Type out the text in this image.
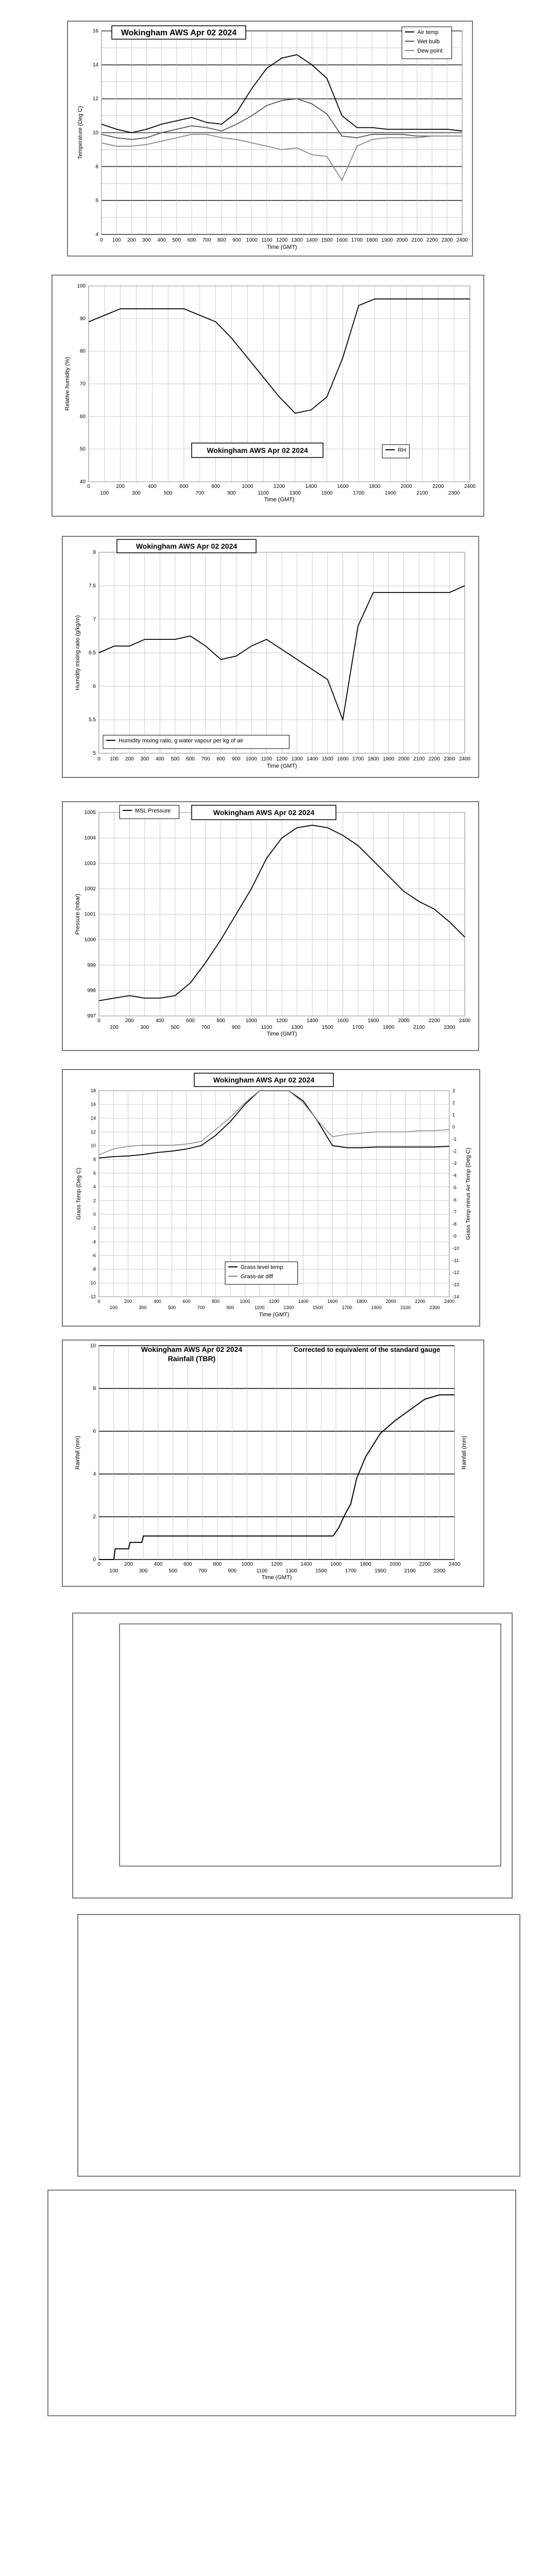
4
6
8
10
12
14
16
0 100 200 300 400 500 600 700 800 900 1000 1100 1200 1300 1400 1500 1600 1700 1800 1900 2000 2100 2200 2300 2400
Time (GMT)
Temperature (Deg C)
Wokingham AWS Apr 02 2024	Air temp
Wet bulb
Dew point
40
50
60
70
80
90
100
0	200	400	600	800	1000	1200	1400	1600	1800	2000	2200	2400
100	300	500	700	900	1100	1300	1500	1700	1900	2100	2300
Time (GMT)
Relative humidity (%)
Wokingham AWS Apr 02 2024	RH
5
5.5
6
6.5
7
7.5
8
0 100 200 300 400 500 600 700 800 900 1000 1100 1200 1300 1400 1500 1600 1700 1800 1900 2000 2100 2200 2300 2400
Time (GMT)
Humidity mixing ratio (g/kg/m)
Wokingham AWS Apr 02 2024
Humidity mixing ratio, g water vapour per kg of air
997
998
999
1000
1001
1002
1003
1004
1005
0	200	400	600	800	1000	1200	1400	1600	1800	2000	2200	2400
100	300	500	700	900	1100	1300	1500	1700	1900	2100	2300
Time (GMT)
Pressure (mbar)
MSL Pressure	Wokingham AWS Apr 02 2024
-12
-10
-8
-6
-4
-2
0
2
4
6
8
10
12
14
16
18
-14
-13
-12
-11
-10
-9
-8
-7
-6
-5
-4
-3
-2
-1
0
1
2
3
0	200	400	600	800	1000	1200	1400	1600	1800	2000	2200	2400
100	300	500	700	900	1100	1300	1500	1700	1900	2100	2300
Time (GMT)
Grass Temp (Deg C)	Grass Temp minus Air Temp (Deg C)
Wokingham AWS Apr 02 2024
Grass level temp
Grass-air diff
0
2
4
6
8
10
0	200	400	600	800	1000	1200	1400	1600	1800	2000	2200	2400
100	300	500	700	900	1100	1300	1500	1700	1900	2100	2300
Time (GMT)
Rainfall (mm)
Wokingham AWS Apr 02 2024
Rainfall (TBR)
Corrected to equivalent of the standard gauge
Rainfall (mm)
